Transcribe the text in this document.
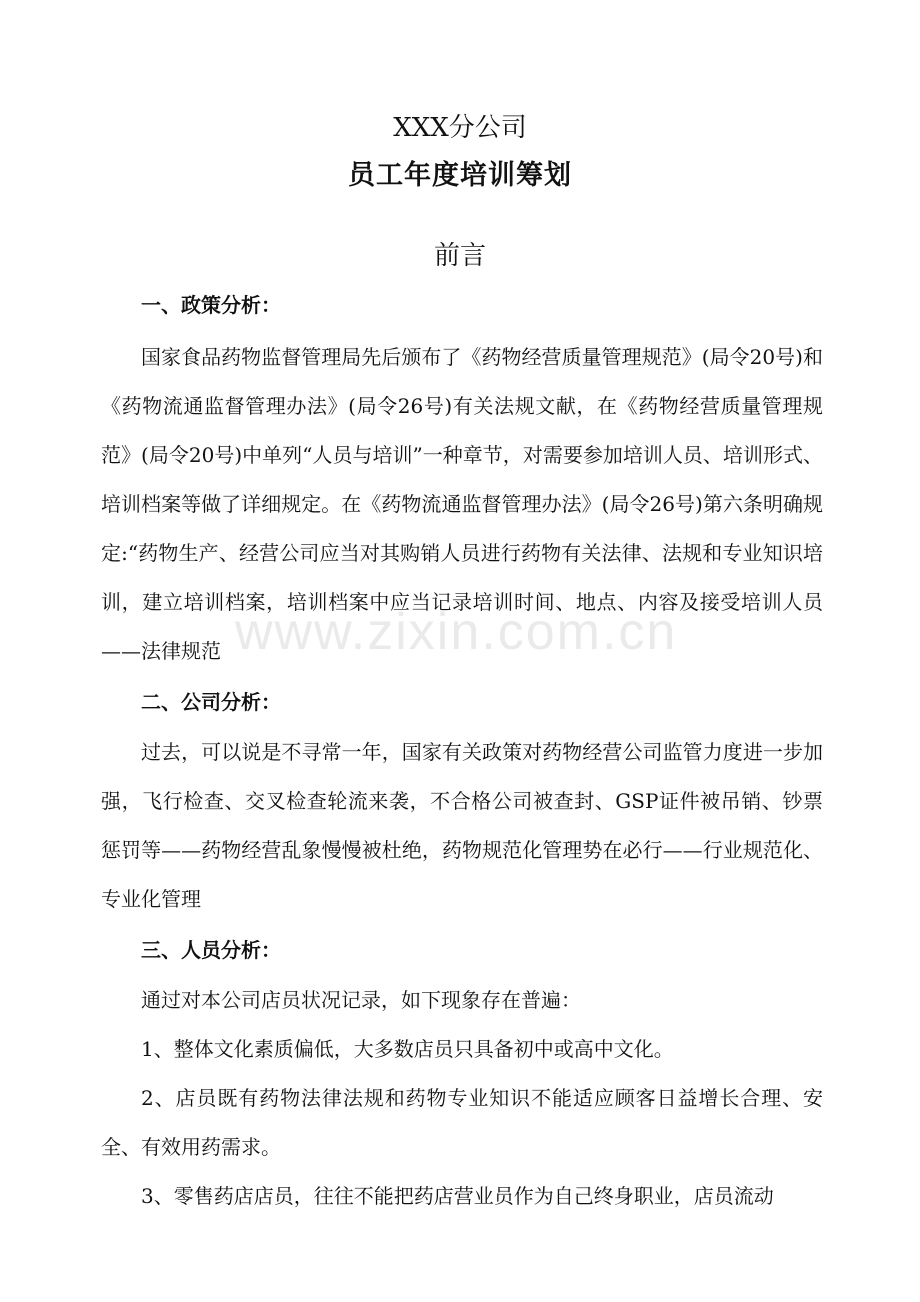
XXX分公司
员工年度培训筹划
前言

一、政策分析：

国家食品药物监督管理局先后颁布了《药物经营质量管理规范》(局令20号)和《药物流通监督管理办法》(局令26号)有关法规文献，在《药物经营质量管理规范》(局令20号)中单列“人员与培训”一种章节，对需要参加培训人员、培训形式、培训档案等做了详细规定。在《药物流通监督管理办法》(局令26号)第六条明确规定:“药物生产、经营公司应当对其购销人员进行药物有关法律、法规和专业知识培训，建立培训档案，培训档案中应当记录培训时间、地点、内容及接受培训人员——法律规范

二、公司分析：

过去，可以说是不寻常一年，国家有关政策对药物经营公司监管力度进一步加强，飞行检查、交叉检查轮流来袭，不合格公司被查封、GSP证件被吊销、钞票惩罚等——药物经营乱象慢慢被杜绝，药物规范化管理势在必行——行业规范化、专业化管理

三、人员分析：

通过对本公司店员状况记录，如下现象存在普遍：

1、整体文化素质偏低，大多数店员只具备初中或高中文化。

2、店员既有药物法律法规和药物专业知识不能适应顾客日益增长合理、安全、有效用药需求。

3、零售药店店员，往往不能把药店营业员作为自己终身职业，店员流动

www.zixin.com.cn
